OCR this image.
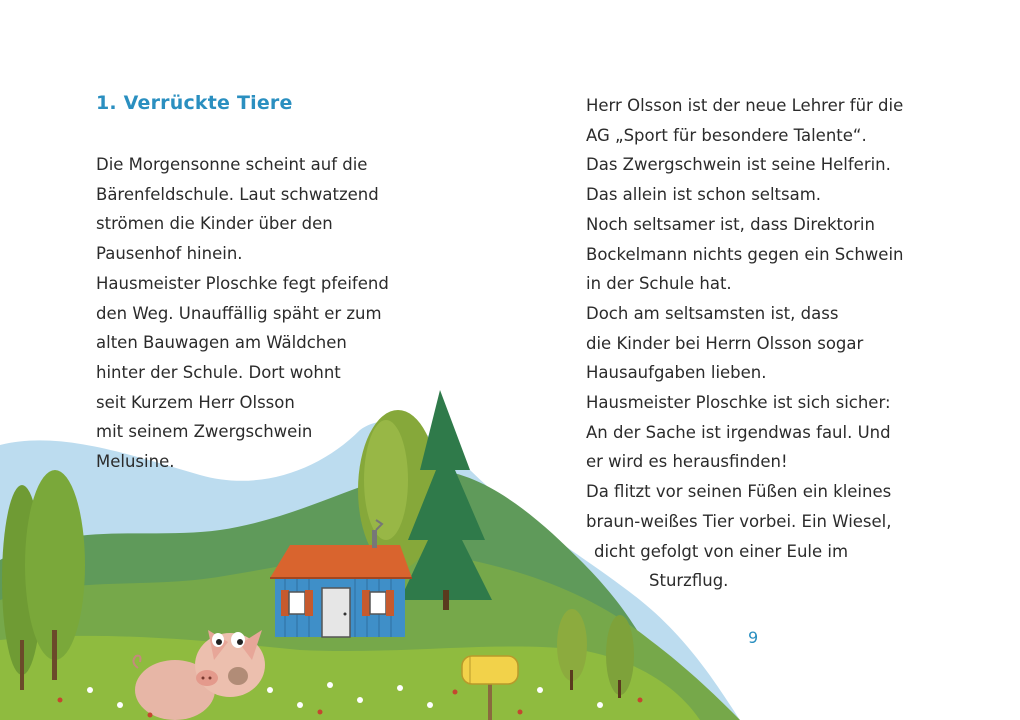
1. Verrückte Tiere
Die Morgensonne scheint auf die
Bärenfeldschule. Laut schwatzend
strömen die Kinder über den
Pausenhof hinein.
Hausmeister Ploschke fegt pfeifend
den Weg. Unauffällig späht er zum
alten Bauwagen am Wäldchen
hinter der Schule. Dort wohnt
seit Kurzem Herr Olsson
mit seinem Zwergschwein
Melusine.
Herr Olsson ist der neue Lehrer für die
AG „Sport für besondere Talente“.
Das Zwergschwein ist seine Helferin.
Das allein ist schon seltsam.
Noch seltsamer ist, dass Direktorin
Bockelmann nichts gegen ein Schwein
in der Schule hat.
Doch am seltsamsten ist, dass
die Kinder bei Herrn Olsson sogar
Hausaufgaben lieben.
Hausmeister Ploschke ist sich sicher:
An der Sache ist irgendwas faul. Und
er wird es herausfinden!
Da flitzt vor seinen Füßen ein kleines
braun-weißes Tier vorbei. Ein Wiesel,
dicht gefolgt von einer Eule im
Sturzflug.
9
